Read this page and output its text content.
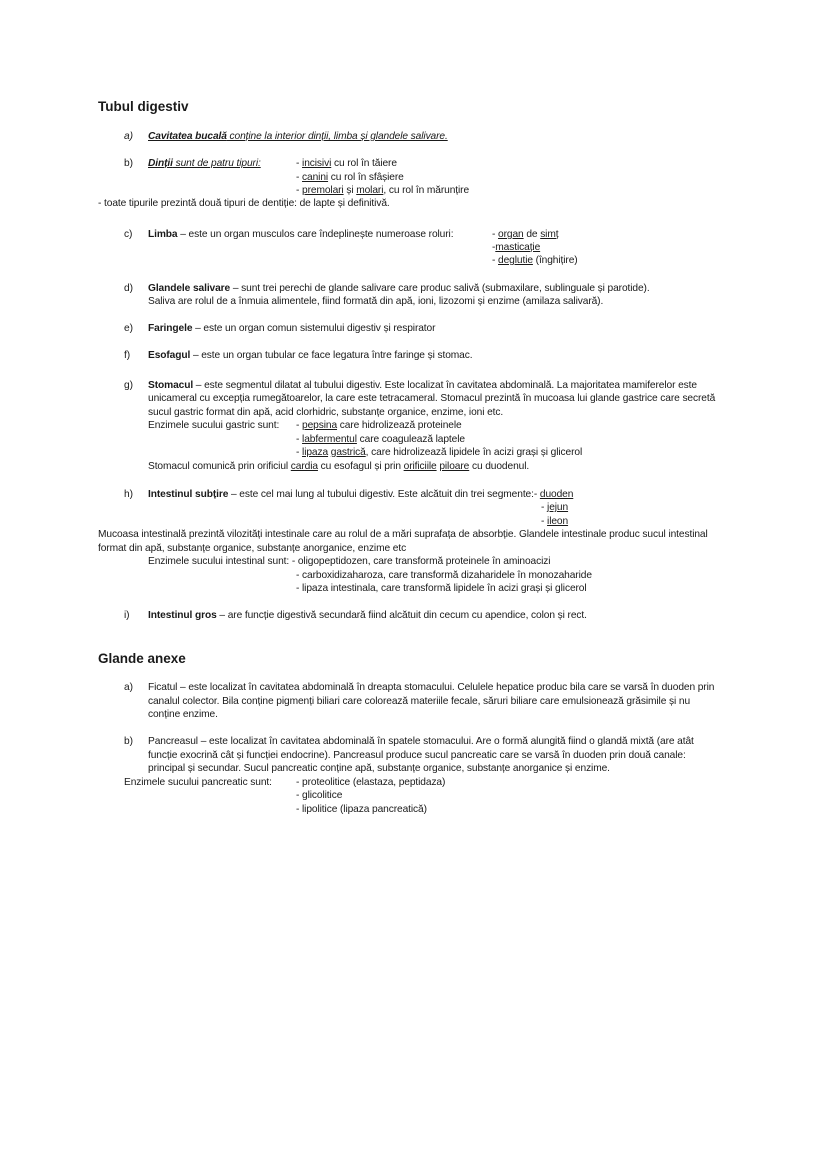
Tubul digestiv
a) Cavitatea bucală conține la interior dinții, limba și glandele salivare.
b) Dinții sunt de patru tipuri:	- incisivi cu rol în tăiere
- canini cu rol în sfâșiere
- premolari și molari, cu rol în mărunțire
- toate tipurile prezintă două tipuri de dentiție: de lapte și definitivă.
c) Limba – este un organ musculos care îndeplinește numeroase roluri:	- organ de simț
-masticație
- deglutie (înghițire)
d) Glandele salivare – sunt trei perechi de glande salivare care produc salivă (submaxilare, sublinguale și parotide).
Saliva are rolul de a înmuia alimentele, fiind formată din apă, ioni, lizozomi și enzime (amilaza salivară).
e) Faringele – este un organ comun sistemului digestiv și respirator
f) Esofagul – este un organ tubular ce face legatura între faringe și stomac.
g) Stomacul – este segmentul dilatat al tubului digestiv. Este localizat în cavitatea abdominală. La majoritatea mamiferelor este
unicameral cu excepția rumegătoarelor, la care este tetracameral. Stomacul prezintă în mucoasa lui glande gastrice care secretă
sucul gastric format din apă, acid clorhidric, substanțe organice, enzime, ioni etc.
Enzimele sucului gastric sunt: - pepsina care hidrolizează proteinele
- labfermentul care coagulează laptele
- lipaza gastrică, care hidrolizează lipidele în acizi grași și glicerol
Stomacul comunică prin orificiul cardia cu esofagul și prin orificiile piloare cu duodenul.
h) Intestinul subțire – este cel mai lung al tubului digestiv. Este alcătuit din trei segmente:- duoden
- jejun
- ileon
Mucoasa intestinală prezintă vilozități intestinale care au rolul de a mări suprafața de absorbție. Glandele intestinale produc sucul intestinal
format din apă, substanțe organice, substanțe anorganice, enzime etc
Enzimele sucului intestinal sunt: - oligopeptidozen, care transformă proteinele în aminoacizi
- carboxidizaharoza, care transformă dizaharidele în monozaharide
- lipaza intestinala, care transformă lipidele în acizi grași și glicerol
i) Intestinul gros – are funcție digestivă secundară fiind alcătuit din cecum cu apendice, colon și rect.
Glande anexe
a) Ficatul – este localizat în cavitatea abdominală în dreapta stomacului. Celulele hepatice produc bila care se varsă în duoden prin
canalul colector. Bila conține pigmenți biliari care colorează materiile fecale, săruri biliare care emulsionează grăsimile și nu
conține enzime.
b) Pancreasul – este localizat în cavitatea abdominală în spatele stomacului. Are o formă alungită fiind o glandă mixtă (are atât
funcție exocrină cât și funcției endocrine). Pancreasul produce sucul pancreatic care se varsă în duoden prin două canale:
principal și secundar. Sucul pancreatic conține apă, substanțe organice, substanțe anorganice și enzime.
Enzimele sucului pancreatic sunt: - proteolitice (elastaza, peptidaza)
- glicolitice
- lipolitice (lipaza pancreatică)
